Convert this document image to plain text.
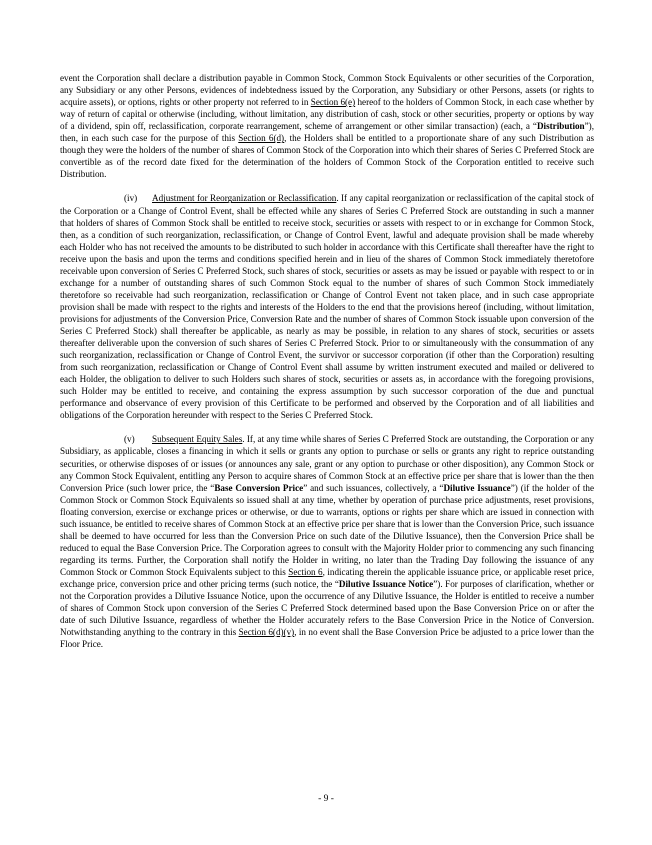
event the Corporation shall declare a distribution payable in Common Stock, Common Stock Equivalents or other securities of the Corporation, any Subsidiary or any other Persons, evidences of indebtedness issued by the Corporation, any Subsidiary or other Persons, assets (or rights to acquire assets), or options, rights or other property not referred to in Section 6(e) hereof to the holders of Common Stock, in each case whether by way of return of capital or otherwise (including, without limitation, any distribution of cash, stock or other securities, property or options by way of a dividend, spin off, reclassification, corporate rearrangement, scheme of arrangement or other similar transaction) (each, a “Distribution”), then, in each such case for the purpose of this Section 6(d), the Holders shall be entitled to a proportionate share of any such Distribution as though they were the holders of the number of shares of Common Stock of the Corporation into which their shares of Series C Preferred Stock are convertible as of the record date fixed for the determination of the holders of Common Stock of the Corporation entitled to receive such Distribution.

(iv) Adjustment for Reorganization or Reclassification. If any capital reorganization or reclassification of the capital stock of the Corporation or a Change of Control Event, shall be effected while any shares of Series C Preferred Stock are outstanding in such a manner that holders of shares of Common Stock shall be entitled to receive stock, securities or assets with respect to or in exchange for Common Stock, then, as a condition of such reorganization, reclassification, or Change of Control Event, lawful and adequate provision shall be made whereby each Holder who has not received the amounts to be distributed to such holder in accordance with this Certificate shall thereafter have the right to receive upon the basis and upon the terms and conditions specified herein and in lieu of the shares of Common Stock immediately theretofore receivable upon conversion of Series C Preferred Stock, such shares of stock, securities or assets as may be issued or payable with respect to or in exchange for a number of outstanding shares of such Common Stock equal to the number of shares of such Common Stock immediately theretofore so receivable had such reorganization, reclassification or Change of Control Event not taken place, and in such case appropriate provision shall be made with respect to the rights and interests of the Holders to the end that the provisions hereof (including, without limitation, provisions for adjustments of the Conversion Price, Conversion Rate and the number of shares of Common Stock issuable upon conversion of the Series C Preferred Stock) shall thereafter be applicable, as nearly as may be possible, in relation to any shares of stock, securities or assets thereafter deliverable upon the conversion of such shares of Series C Preferred Stock. Prior to or simultaneously with the consummation of any such reorganization, reclassification or Change of Control Event, the survivor or successor corporation (if other than the Corporation) resulting from such reorganization, reclassification or Change of Control Event shall assume by written instrument executed and mailed or delivered to each Holder, the obligation to deliver to such Holders such shares of stock, securities or assets as, in accordance with the foregoing provisions, such Holder may be entitled to receive, and containing the express assumption by such successor corporation of the due and punctual performance and observance of every provision of this Certificate to be performed and observed by the Corporation and of all liabilities and obligations of the Corporation hereunder with respect to the Series C Preferred Stock.

(v) Subsequent Equity Sales. If, at any time while shares of Series C Preferred Stock are outstanding, the Corporation or any Subsidiary, as applicable, closes a financing in which it sells or grants any option to purchase or sells or grants any right to reprice outstanding securities, or otherwise disposes of or issues (or announces any sale, grant or any option to purchase or other disposition), any Common Stock or any Common Stock Equivalent, entitling any Person to acquire shares of Common Stock at an effective price per share that is lower than the then Conversion Price (such lower price, the “Base Conversion Price” and such issuances, collectively, a “Dilutive Issuance”) (if the holder of the Common Stock or Common Stock Equivalents so issued shall at any time, whether by operation of purchase price adjustments, reset provisions, floating conversion, exercise or exchange prices or otherwise, or due to warrants, options or rights per share which are issued in connection with such issuance, be entitled to receive shares of Common Stock at an effective price per share that is lower than the Conversion Price, such issuance shall be deemed to have occurred for less than the Conversion Price on such date of the Dilutive Issuance), then the Conversion Price shall be reduced to equal the Base Conversion Price. The Corporation agrees to consult with the Majority Holder prior to commencing any such financing regarding its terms. Further, the Corporation shall notify the Holder in writing, no later than the Trading Day following the issuance of any Common Stock or Common Stock Equivalents subject to this Section 6, indicating therein the applicable issuance price, or applicable reset price, exchange price, conversion price and other pricing terms (such notice, the “Dilutive Issuance Notice”). For purposes of clarification, whether or not the Corporation provides a Dilutive Issuance Notice, upon the occurrence of any Dilutive Issuance, the Holder is entitled to receive a number of shares of Common Stock upon conversion of the Series C Preferred Stock determined based upon the Base Conversion Price on or after the date of such Dilutive Issuance, regardless of whether the Holder accurately refers to the Base Conversion Price in the Notice of Conversion. Notwithstanding anything to the contrary in this Section 6(d)(v), in no event shall the Base Conversion Price be adjusted to a price lower than the Floor Price.

- 9 -
